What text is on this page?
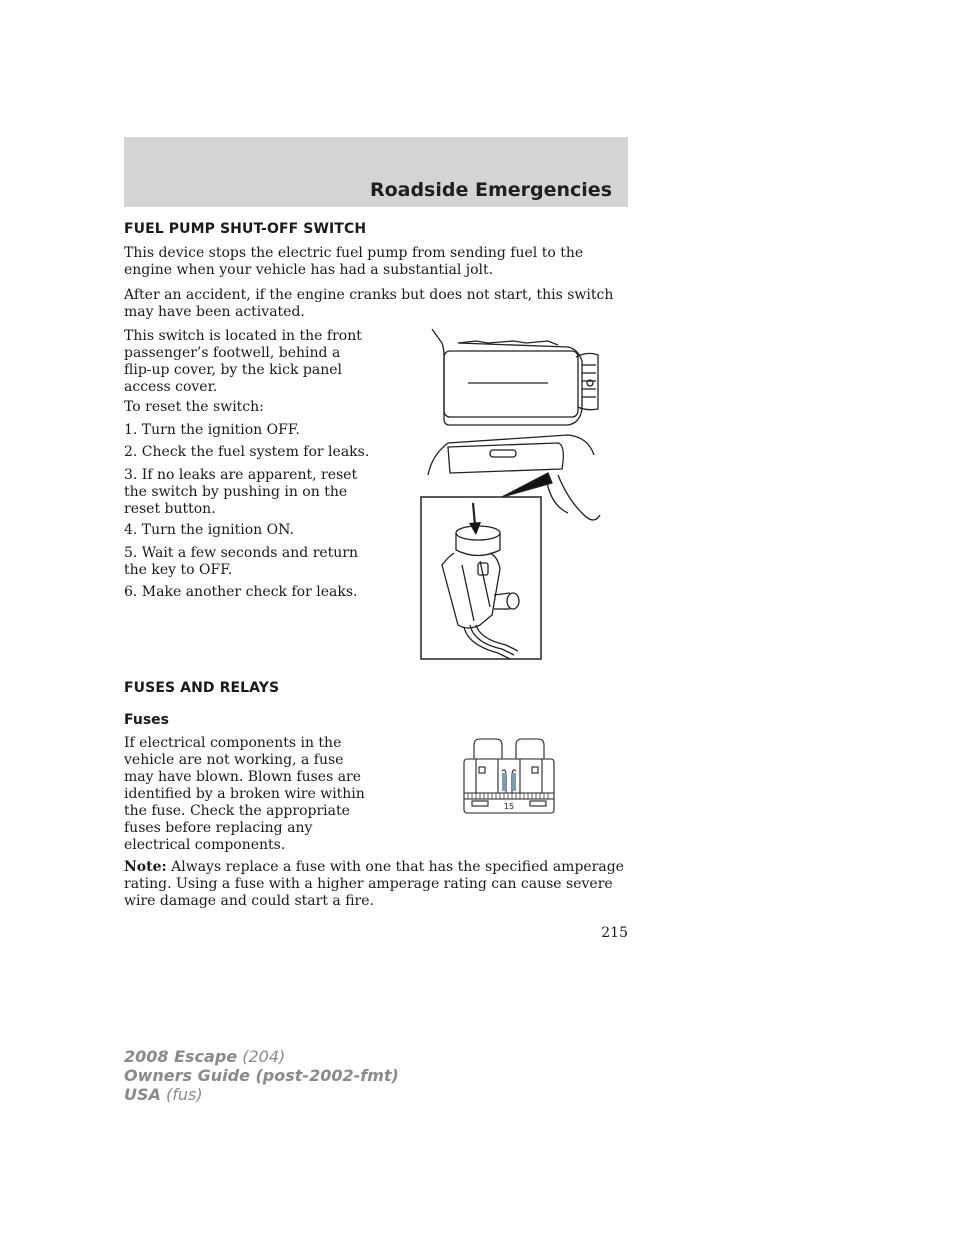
Roadside Emergencies
FUEL PUMP SHUT-OFF SWITCH

This device stops the electric fuel pump from sending fuel to the engine when your vehicle has had a substantial jolt.

After an accident, if the engine cranks but does not start, this switch may have been activated.

This switch is located in the front passenger’s footwell, behind a flip-up cover, by the kick panel access cover.

To reset the switch:

1. Turn the ignition OFF.

2. Check the fuel system for leaks.

3. If no leaks are apparent, reset the switch by pushing in on the reset button.

4. Turn the ignition ON.

5. Wait a few seconds and return the key to OFF.

6. Make another check for leaks.

FUSES AND RELAYS
Fuses

If electrical components in the vehicle are not working, a fuse may have blown. Blown fuses are identified by a broken wire within the fuse. Check the appropriate fuses before replacing any electrical components.

15

Note: Always replace a fuse with one that has the specified amperage rating. Using a fuse with a higher amperage rating can cause severe wire damage and could start a fire.

215
2008 Escape (204)
Owners Guide (post-2002-fmt)
USA (fus)
